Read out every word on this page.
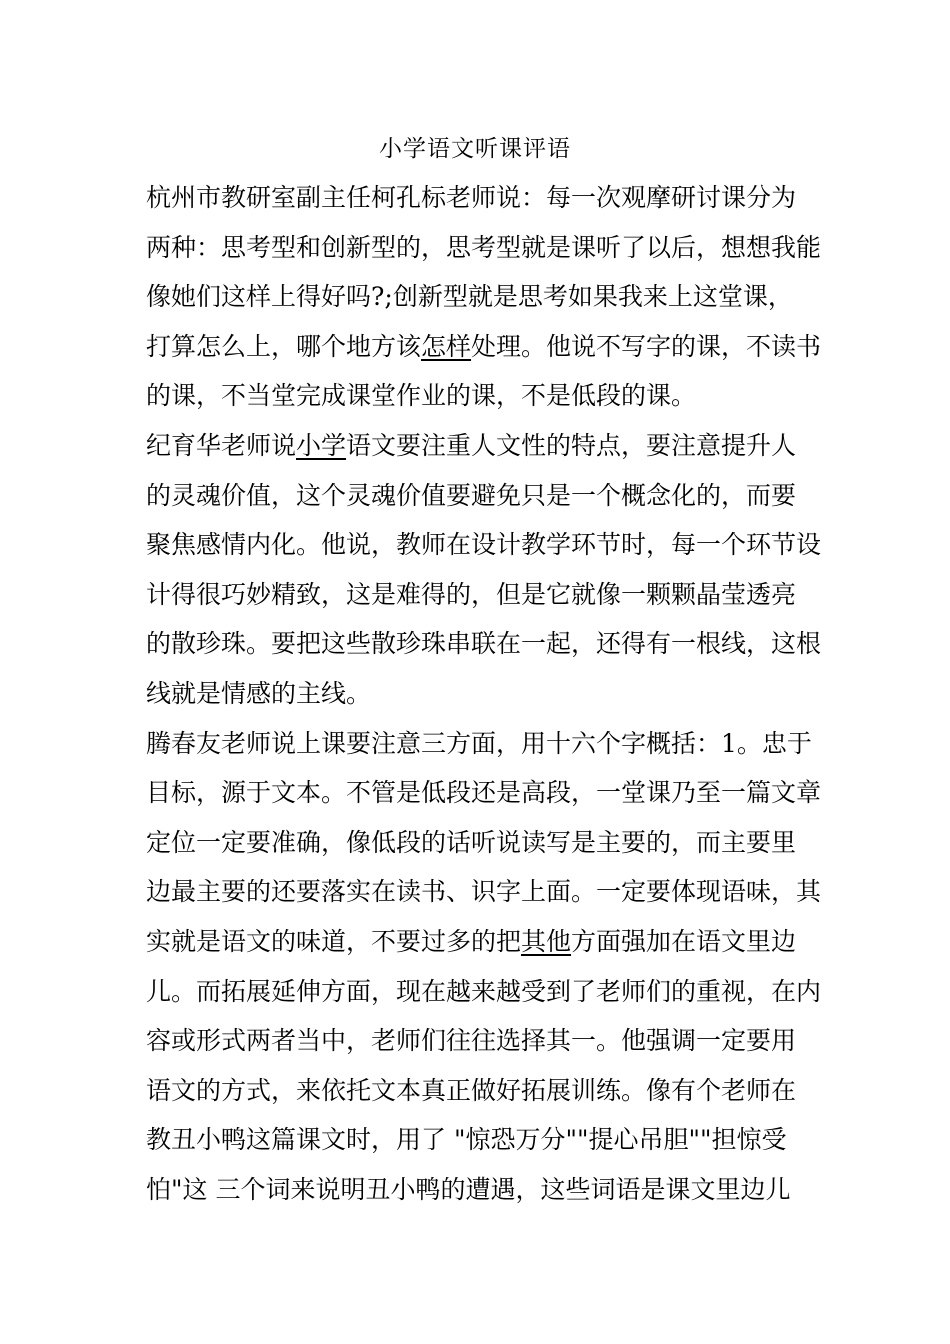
小学语文听课评语
杭州市教研室副主任柯孔标老师说：每一次观摩研讨课分为
两种：思考型和创新型的，思考型就是课听了以后，想想我能
像她们这样上得好吗?;创新型就是思考如果我来上这堂课，
打算怎么上，哪个地方该怎样处理。他说不写字的课，不读书
的课，不当堂完成课堂作业的课，不是低段的课。
纪育华老师说小学语文要注重人文性的特点，要注意提升人
的灵魂价值，这个灵魂价值要避免只是一个概念化的，而要
聚焦感情内化。他说，教师在设计教学环节时，每一个环节设
计得很巧妙精致，这是难得的，但是它就像一颗颗晶莹透亮
的散珍珠。要把这些散珍珠串联在一起，还得有一根线，这根
线就是情感的主线。
腾春友老师说上课要注意三方面，用十六个字概括：1。忠于
目标，源于文本。不管是低段还是高段，一堂课乃至一篇文章
定位一定要准确，像低段的话听说读写是主要的，而主要里
边最主要的还要落实在读书、识字上面。一定要体现语味，其
实就是语文的味道，不要过多的把其他方面强加在语文里边
儿。而拓展延伸方面，现在越来越受到了老师们的重视，在内
容或形式两者当中，老师们往往选择其一。他强调一定要用
语文的方式，来依托文本真正做好拓展训练。像有个老师在
教丑小鸭这篇课文时，用了 "惊恐万分""提心吊胆""担惊受
怕"这 三个词来说明丑小鸭的遭遇，这些词语是课文里边儿
